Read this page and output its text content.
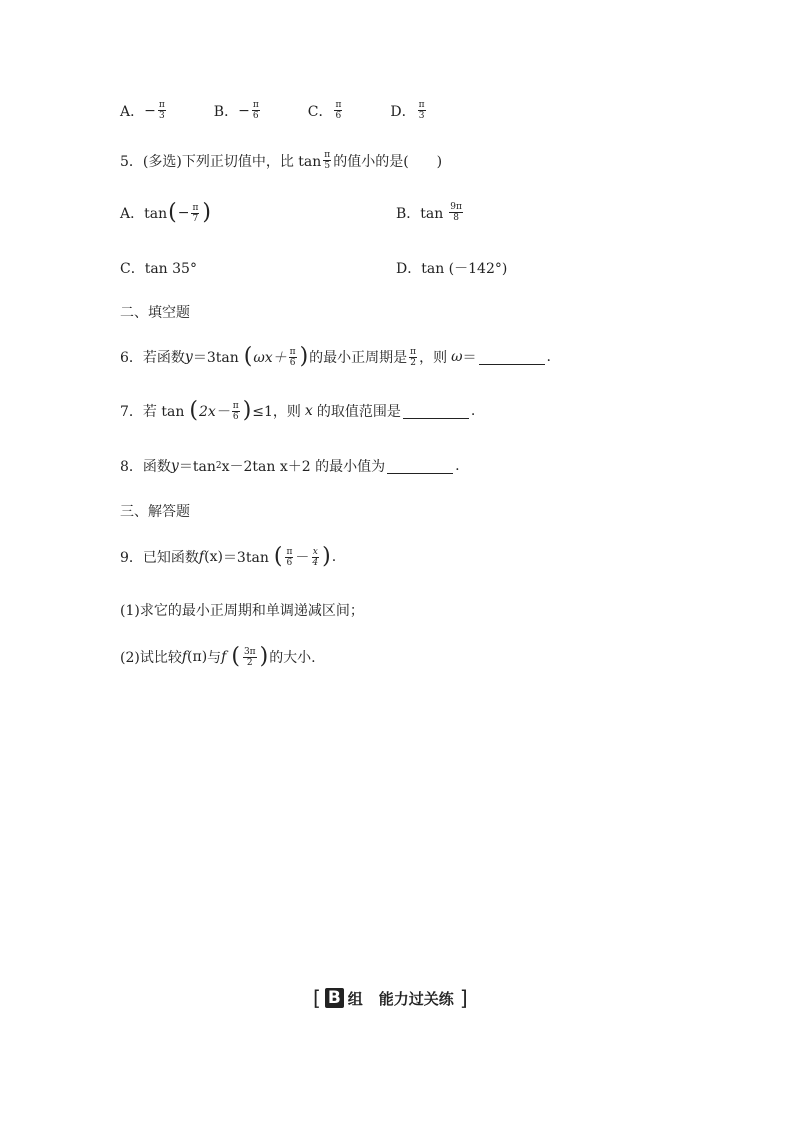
A． − $\frac{\pi}{3}$	B． − $\frac{\pi}{6}$	C． $\frac{\pi}{6}$	D． $\frac{\pi}{3}$
5．(多选)下列正切值中，比 $\tan \frac{\pi}{5}$ 的值小的是(　　)
A．tan ( − $\frac{\pi}{7}$ )	B．$\tan \frac{9\pi}{8}$
C．tan 35°	D．tan (－142°)
二、填空题
6．若函数 y ＝3tan ( $\omega x+ \frac{\pi}{6}$ ) 的最小正周期是 $\frac{\pi}{2}$ ，则 ω ＝	.
7．若 tan ( $2x- \frac{\pi}{6}$ ) ≤1，则 x 的取值范围是	.
8．函数 y ＝tan 2 x－2tan x＋2 的最小值为	.
三、解答题
9．已知函数 f (x) ＝3tan ( $\frac{\pi}{6} - \frac{x}{4}$ ) .
(1)求它的最小正周期和单调递减区间；
(2)试比较 f (π) 与 f ( $\frac{3\pi}{2}$ ) 的大小.
[ B 组 能力过关练 ]
